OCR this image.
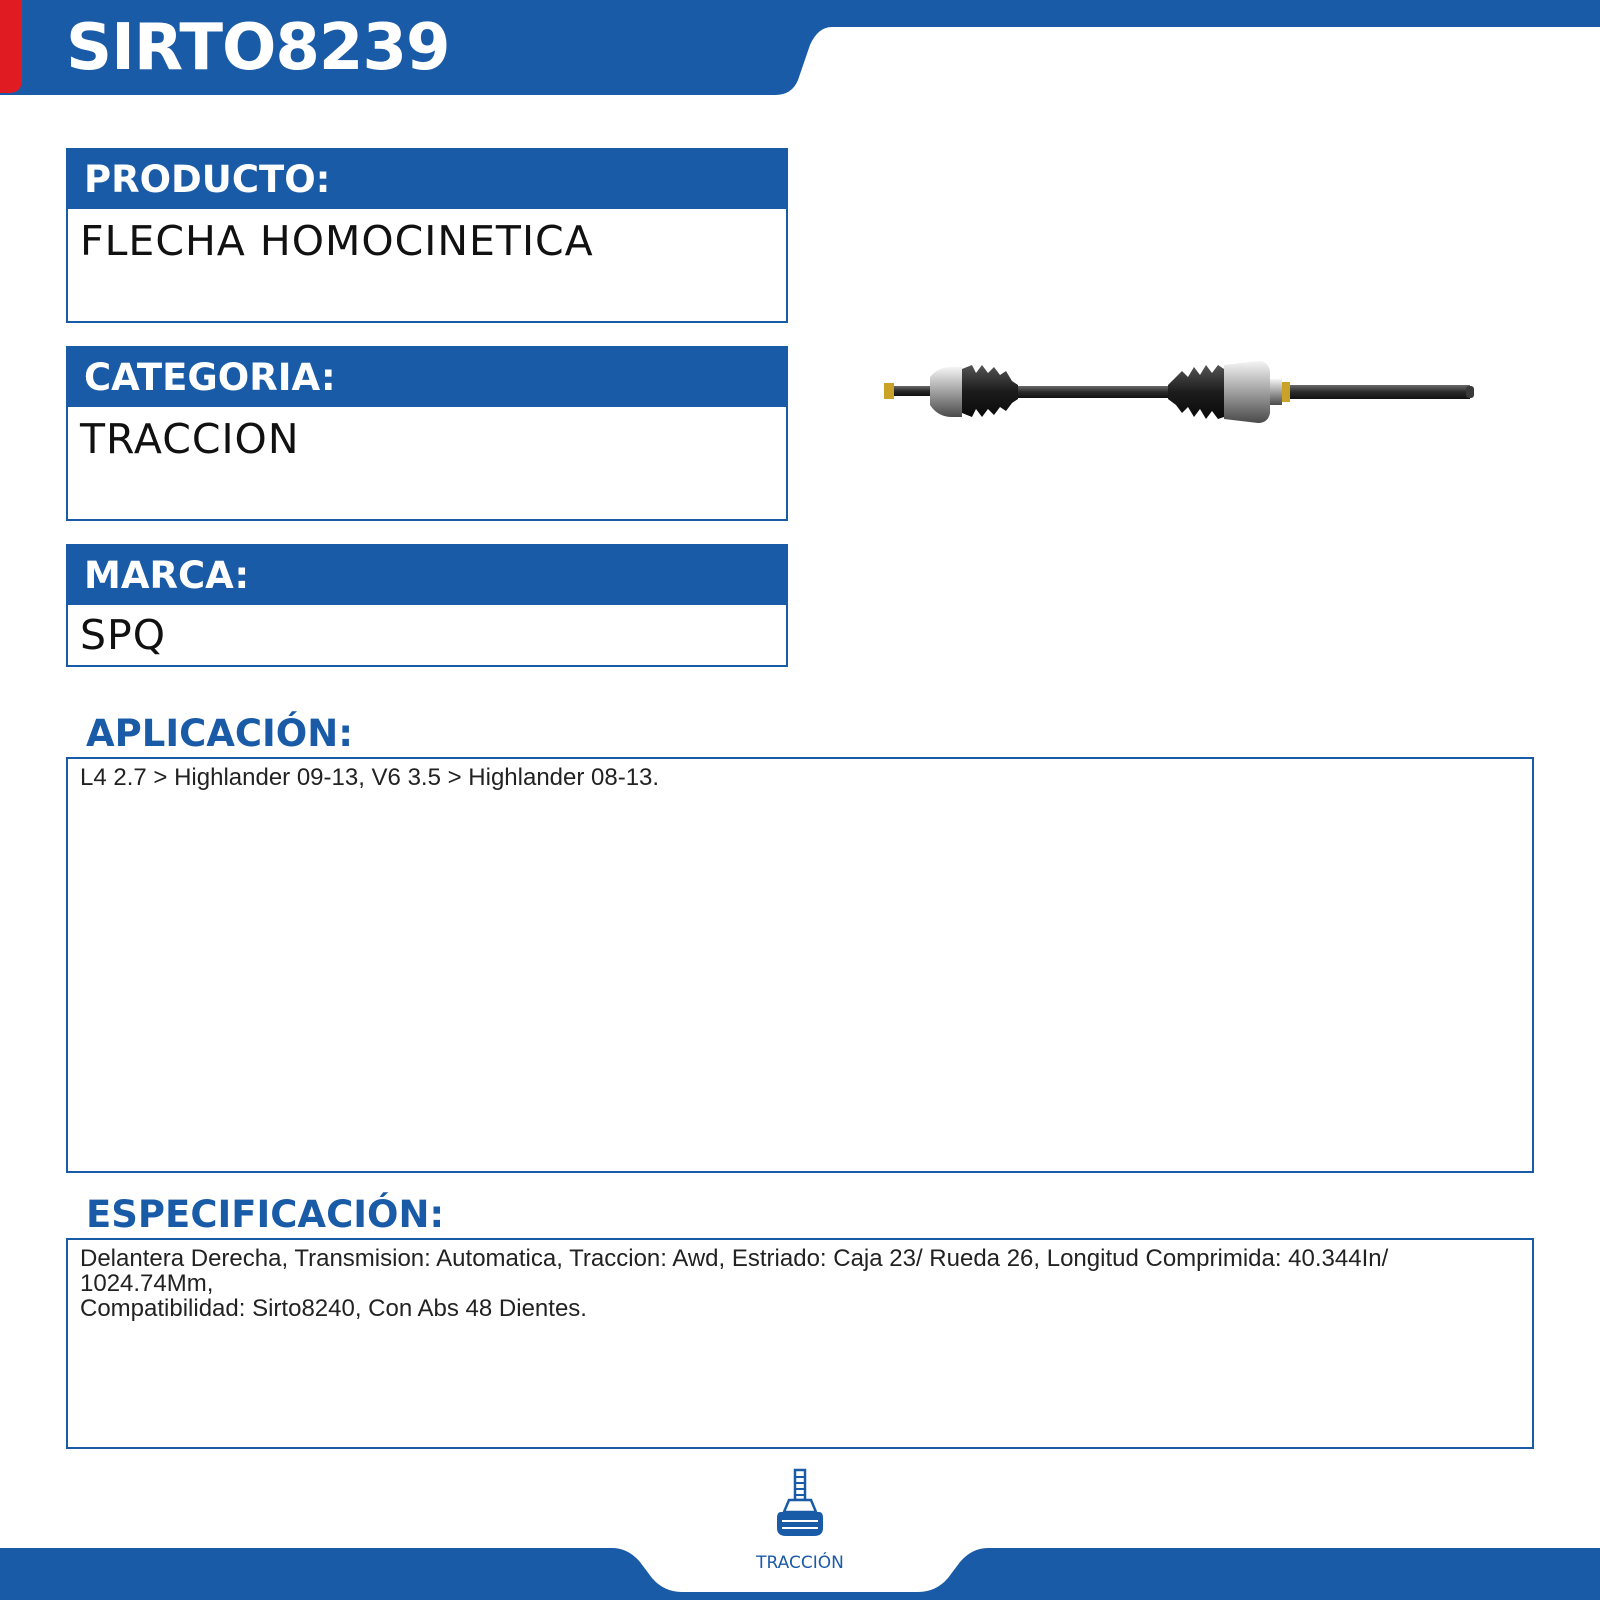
SIRTO8239
PRODUCTO:
FLECHA HOMOCINETICA
CATEGORIA:
TRACCION
MARCA:
SPQ
APLICACIÓN:
L4 2.7 > Highlander 09-13, V6 3.5 > Highlander 08-13.
ESPECIFICACIÓN:
Delantera Derecha, Transmision: Automatica, Traccion: Awd, Estriado: Caja 23/ Rueda 26, Longitud Comprimida: 40.344In/ 1024.74Mm,
Compatibilidad: Sirto8240, Con Abs 48 Dientes.
TRACCIÓN
